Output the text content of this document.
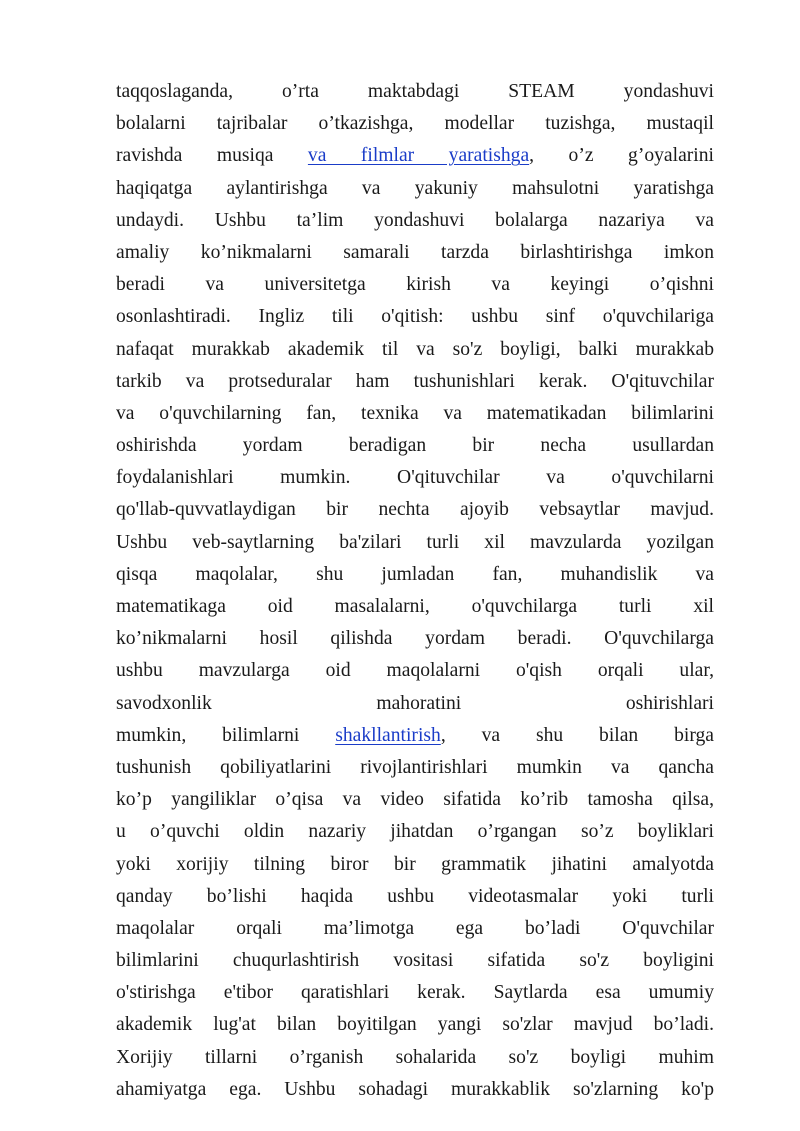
taqqoslaganda, o’rta maktabdagi STEAM yondashuvi
bolalarni tajribalar o’tkazishga, modellar tuzishga, mustaqil
ravishda musiqa va filmlar yaratishga, o’z g’oyalarini
haqiqatga aylantirishga va yakuniy mahsulotni yaratishga
undaydi. Ushbu ta’lim yondashuvi bolalarga nazariya va
amaliy ko’nikmalarni samarali tarzda birlashtirishga imkon
beradi va universitetga kirish va keyingi o’qishni
osonlashtiradi. Ingliz tili o'qitish: ushbu sinf o'quvchilariga
nafaqat murakkab akademik til va so'z boyligi, balki murakkab
tarkib va protseduralar ham tushunishlari kerak. O'qituvchilar
va o'quvchilarning fan, texnika va matematikadan bilimlarini
oshirishda yordam beradigan bir necha usullardan
foydalanishlari mumkin. O'qituvchilar va o'quvchilarni
qo'llab-quvvatlaydigan bir nechta ajoyib vebsaytlar mavjud.
Ushbu veb-saytlarning ba'zilari turli xil mavzularda yozilgan
qisqa maqolalar, shu jumladan fan, muhandislik va
matematikaga oid masalalarni, o'quvchilarga turli xil
ko’nikmalarni hosil qilishda yordam beradi. O'quvchilarga
ushbu mavzularga oid maqolalarni o'qish orqali ular,
savodxonlik mahoratini oshirishlari
mumkin, bilimlarni shakllantirish, va shu bilan birga
tushunish qobiliyatlarini rivojlantirishlari mumkin va qancha
ko’p yangiliklar o’qisa va video sifatida ko’rib tamosha qilsa,
u o’quvchi oldin nazariy jihatdan o’rgangan so’z boyliklari
yoki xorijiy tilning biror bir grammatik jihatini amalyotda
qanday bo’lishi haqida ushbu videotasmalar yoki turli
maqolalar orqali ma’limotga ega bo’ladi O'quvchilar
bilimlarini chuqurlashtirish vositasi sifatida so'z boyligini
o'stirishga e'tibor qaratishlari kerak. Saytlarda esa umumiy
akademik lug'at bilan boyitilgan yangi so'zlar mavjud bo’ladi.
Xorijiy tillarni o’rganish sohalarida so'z boyligi muhim
ahamiyatga ega. Ushbu sohadagi murakkablik so'zlarning ko'p
